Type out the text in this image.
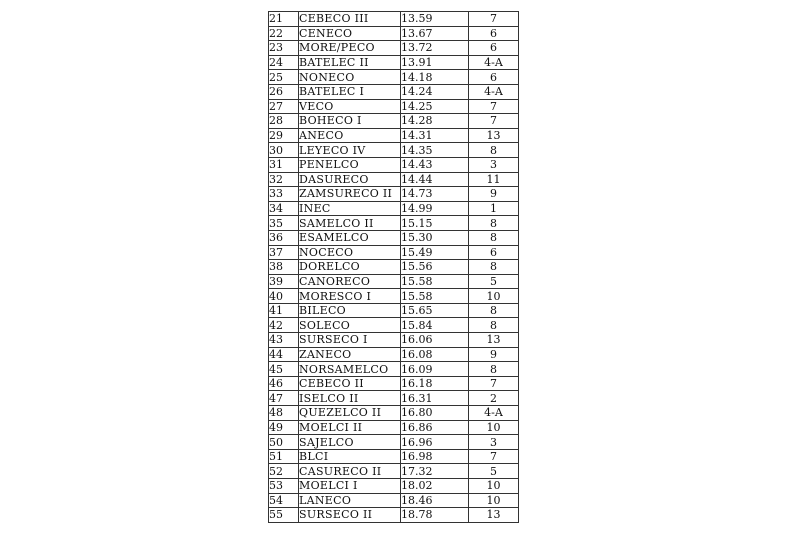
21	CEBECO III	13.59	7
22	CENECO	13.67	6
23	MORE/PECO	13.72	6
24	BATELEC II	13.91	4-A
25	NONECO	14.18	6
26	BATELEC I	14.24	4-A
27	VECO	14.25	7
28	BOHECO I	14.28	7
29	ANECO	14.31	13
30	LEYECO IV	14.35	8
31	PENELCO	14.43	3
32	DASURECO	14.44	11
33	ZAMSURECO II	14.73	9
34	INEC	14.99	1
35	SAMELCO II	15.15	8
36	ESAMELCO	15.30	8
37	NOCECO	15.49	6
38	DORELCO	15.56	8
39	CANORECO	15.58	5
40	MORESCO I	15.58	10
41	BILECO	15.65	8
42	SOLECO	15.84	8
43	SURSECO I	16.06	13
44	ZANECO	16.08	9
45	NORSAMELCO	16.09	8
46	CEBECO II	16.18	7
47	ISELCO II	16.31	2
48	QUEZELCO II	16.80	4-A
49	MOELCI II	16.86	10
50	SAJELCO	16.96	3
51	BLCI	16.98	7
52	CASURECO II	17.32	5
53	MOELCI I	18.02	10
54	LANECO	18.46	10
55	SURSECO II	18.78	13
